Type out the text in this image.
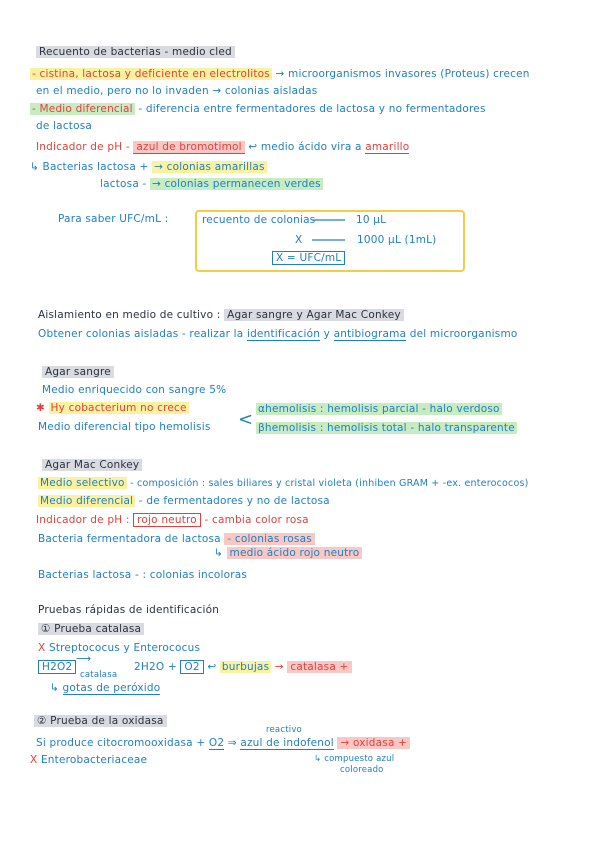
Recuento de bacterias - medio cled
- cistina, lactosa y deficiente en electrolitos → microorganismos invasores (Proteus) crecen
en el medio, pero no lo invaden → colonias aisladas
- Medio diferencial - diferencia entre fermentadores de lactosa y no fermentadores
de lactosa
Indicador de pH - azul de bromotimol ↩ medio ácido vira a amarillo
↳ Bacterias lactosa + → colonias amarillas
lactosa - → colonias permanecen verdes
Para saber UFC/mL :	recuento de colonias	10 µL
X	1000 µL (1mL)
X = UFC/mL
Aislamiento en medio de cultivo : Agar sangre y Agar Mac Conkey
Obtener colonias aisladas - realizar la identificación y antibiograma del microorganismo
Agar sangre
Medio enriquecido con sangre 5%
✱ Hy cobacterium no crece
Medio diferencial tipo hemolisis < αhemolisis : hemolisis parcial - halo verdoso
βhemolisis : hemolisis total - halo transparente
Agar Mac Conkey
Medio selectivo - composición : sales biliares y cristal violeta (inhiben GRAM + -ex. enterococos)
Medio diferencial - de fermentadores y no de lactosa
Indicador de pH : rojo neutro - cambia color rosa
Bacteria fermentadora de lactosa - colonias rosas
↳ medio ácido rojo neutro
Bacterias lactosa - : colonias incoloras
Pruebas rápidas de identificación
① Prueba catalasa
X Streptococus y Enterococus
H2O2
⟶
catalasa
2H2O + O2 ↩ burbujas → catalasa +
↳ gotas de peróxido
② Prueba de la oxidasa
reactivo
Si produce citocromooxidasa + O2 ⇒ azul de indofenol → oxidasa +
X Enterobacteriaceae	↳ compuesto azul
coloreado
